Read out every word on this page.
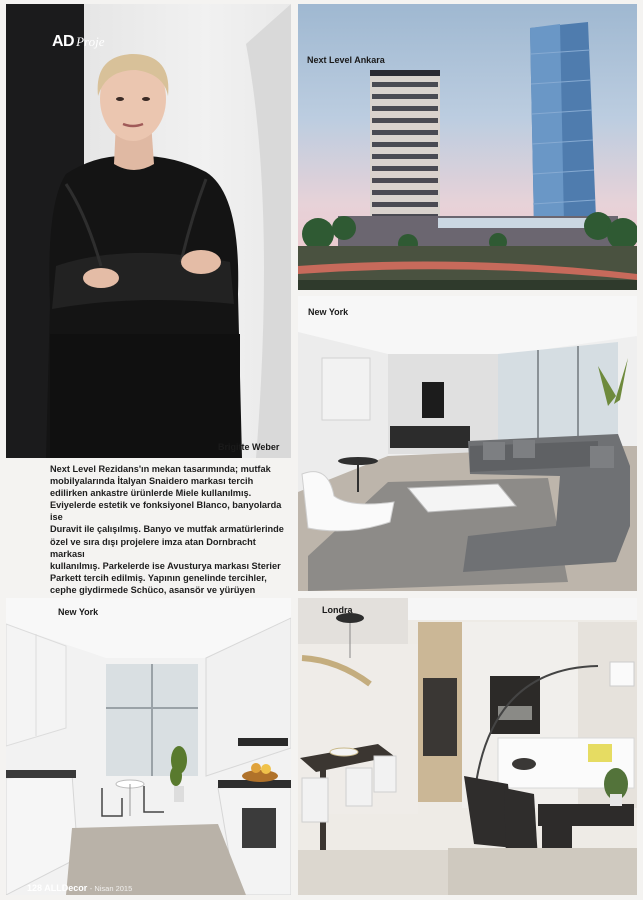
Brigitte Weber
AD Proje
Next Level Ankara
New York
Next Level Rezidans'ın mekan tasarımında; mutfak
mobilyalarında İtalyan Snaidero markası tercih
edilirken ankastre ürünlerde Miele kullanılmış.
Eviyelerde estetik ve fonksiyonel Blanco, banyolarda ise
Duravit ile çalışılmış. Banyo ve mutfak armatürlerinde
özel ve sıra dışı projelere imza atan Dornbracht markası
kullanılmış. Parkelerde ise Avusturya markası Sterier
Parkett tercih edilmiş. Yapının genelinde tercihler,
cephe giydirmede Schüco, asansör ve yürüyen
New York	Londra
128 ALLDecor - Nisan 2015
